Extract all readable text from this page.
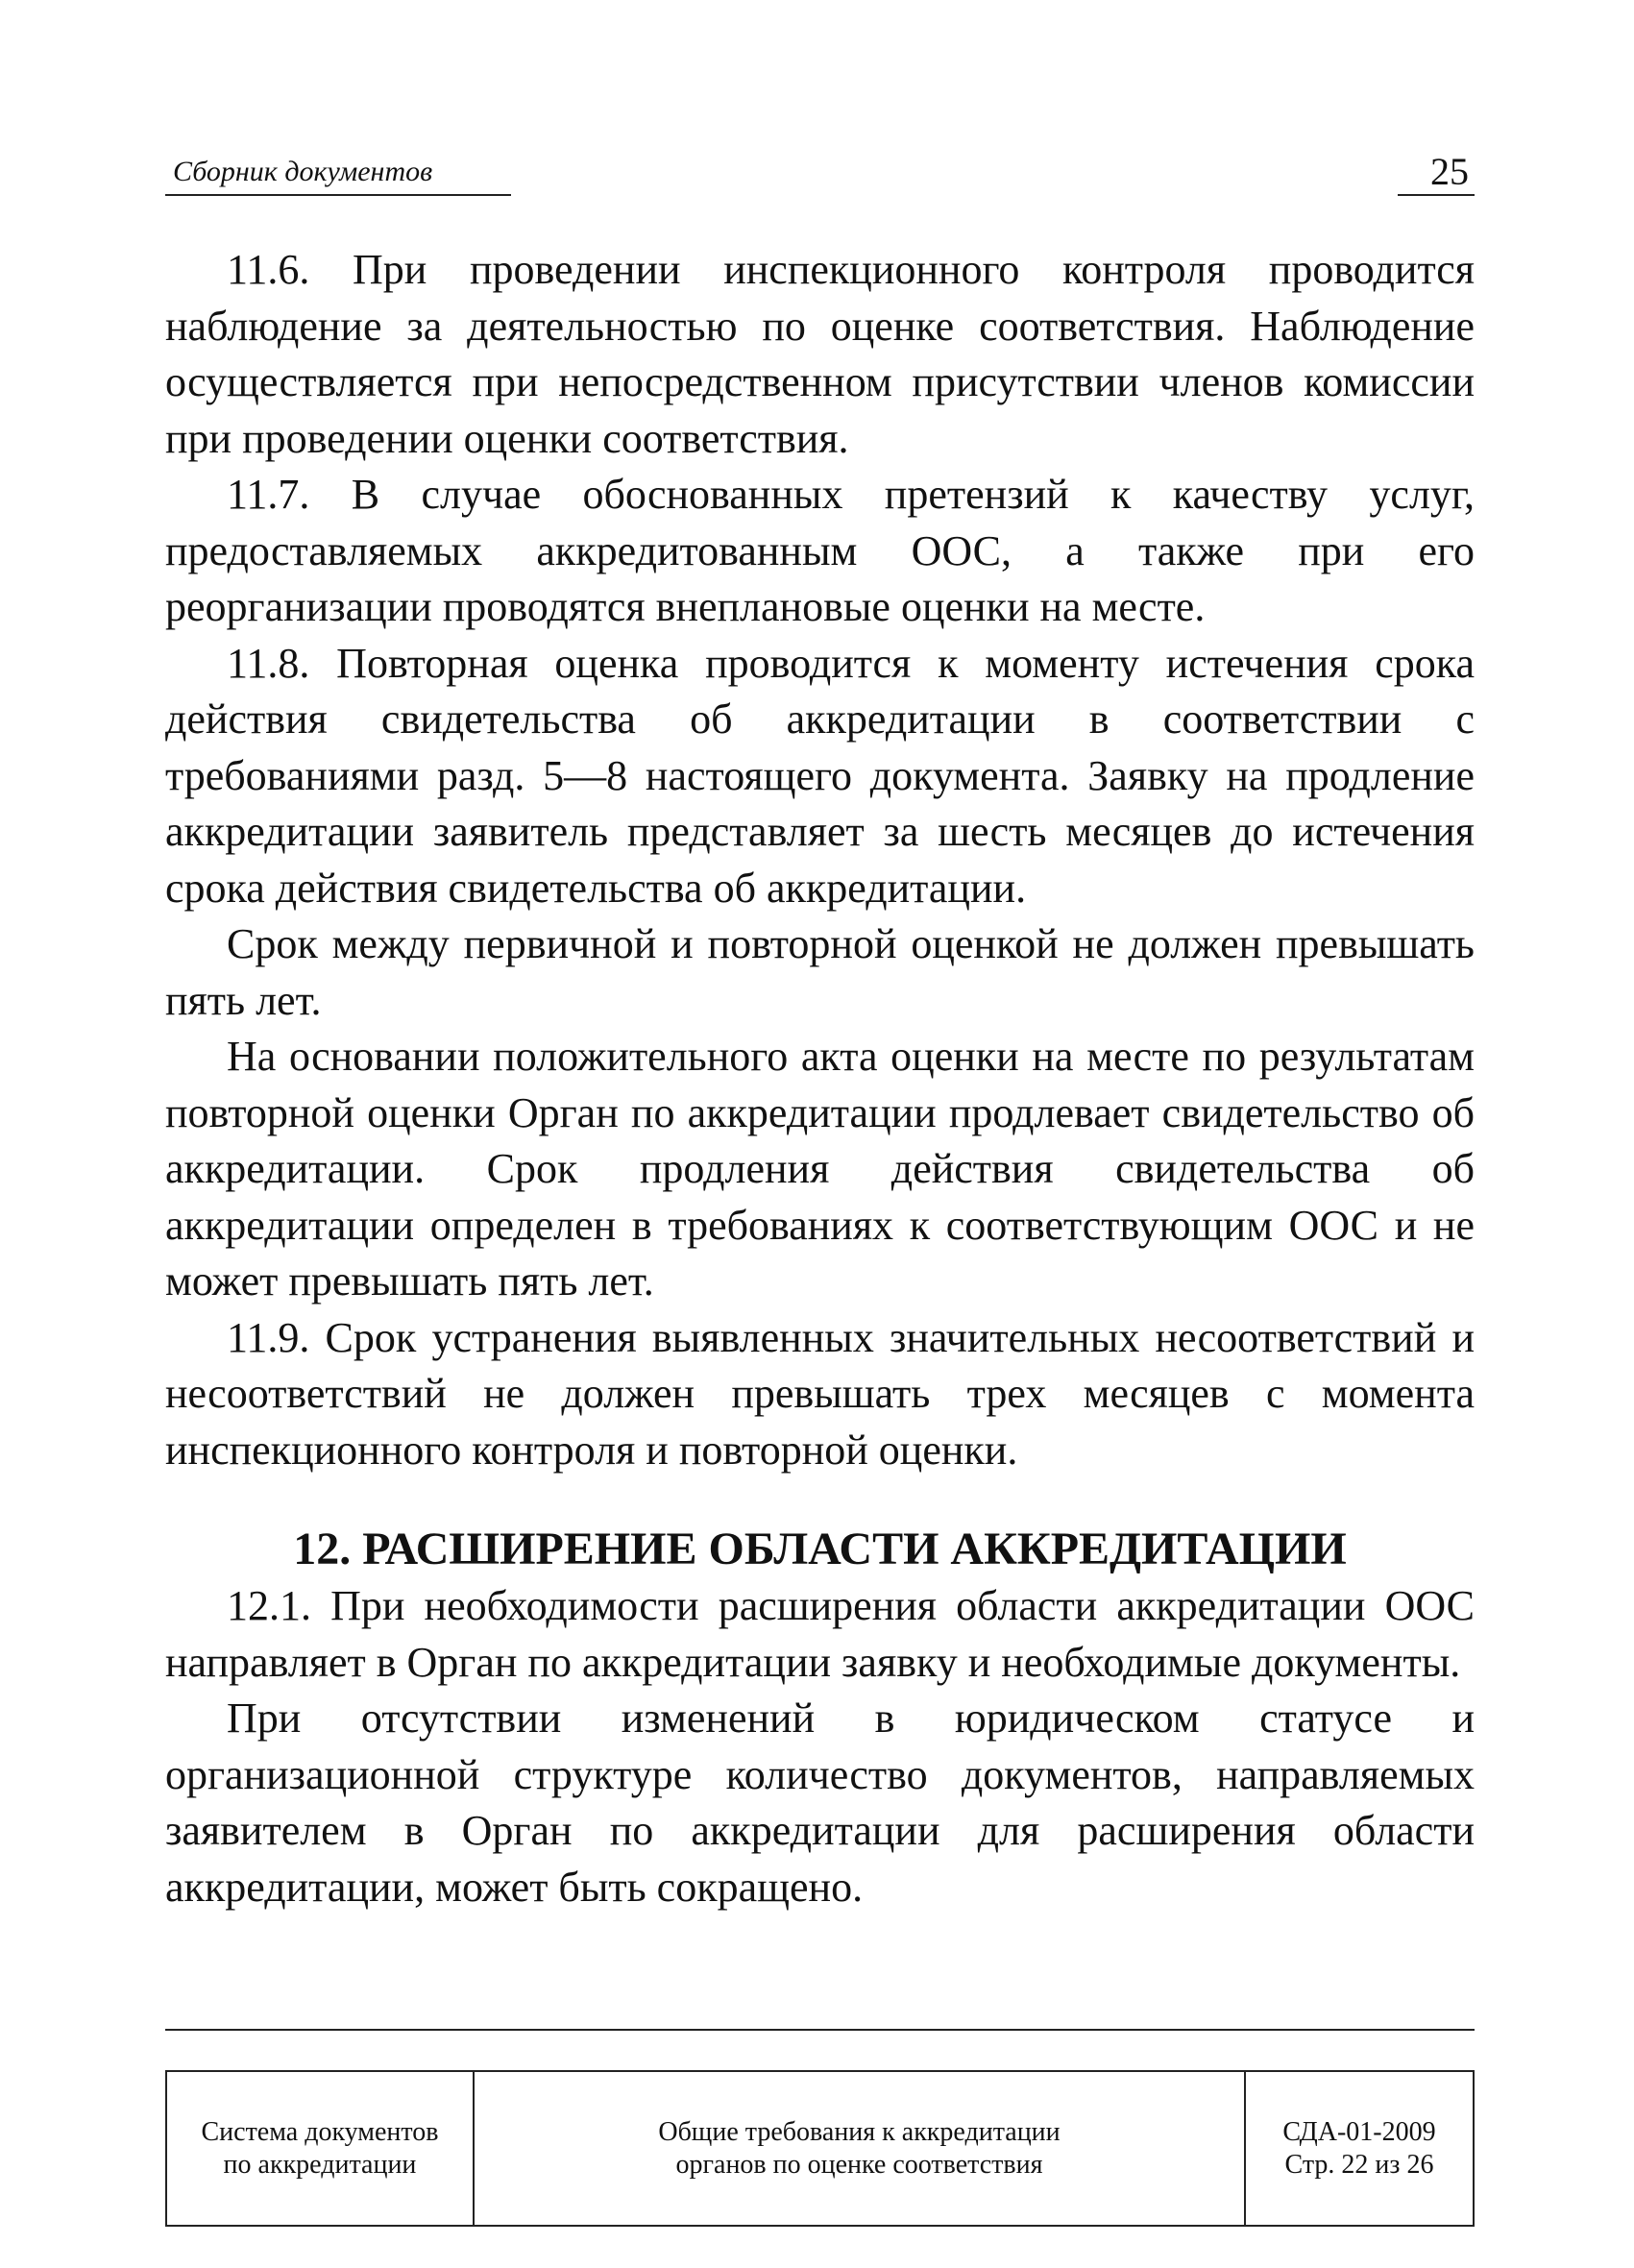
Сборник документов	25

11.6. При проведении инспекционного контроля проводится наблюдение за деятельностью по оценке соответствия. Наблюдение осуществляется при непосредственном присутствии членов комиссии при проведении оценки соответствия.

11.7. В случае обоснованных претензий к качеству услуг, предоставляемых аккредитованным ООС, а также при его реорганизации проводятся внеплановые оценки на месте.

11.8. Повторная оценка проводится к моменту истечения срока действия свидетельства об аккредитации в соответствии с требованиями разд. 5—8 настоящего документа. Заявку на продление аккредитации заявитель представляет за шесть месяцев до истечения срока действия свидетельства об аккредитации.

Срок между первичной и повторной оценкой не должен превышать пять лет.

На основании положительного акта оценки на месте по результатам повторной оценки Орган по аккредитации продлевает свидетельство об аккредитации. Срок продления действия свидетельства об аккредитации определен в требованиях к соответствующим ООС и не может превышать пять лет.

11.9. Срок устранения выявленных значительных несоответствий и несоответствий не должен превышать трех месяцев с момента инспекционного контроля и повторной оценки.

12. РАСШИРЕНИЕ ОБЛАСТИ АККРЕДИТАЦИИ

12.1. При необходимости расширения области аккредитации ООС направляет в Орган по аккредитации заявку и необходимые документы.

При отсутствии изменений в юридическом статусе и организационной структуре количество документов, направляемых заявителем в Орган по аккредитации для расширения области аккредитации, может быть сокращено.

Система документов
по аккредитации
Общие требования к аккредитации
органов по оценке соответствия
СДА-01-2009
Стр. 22 из 26
